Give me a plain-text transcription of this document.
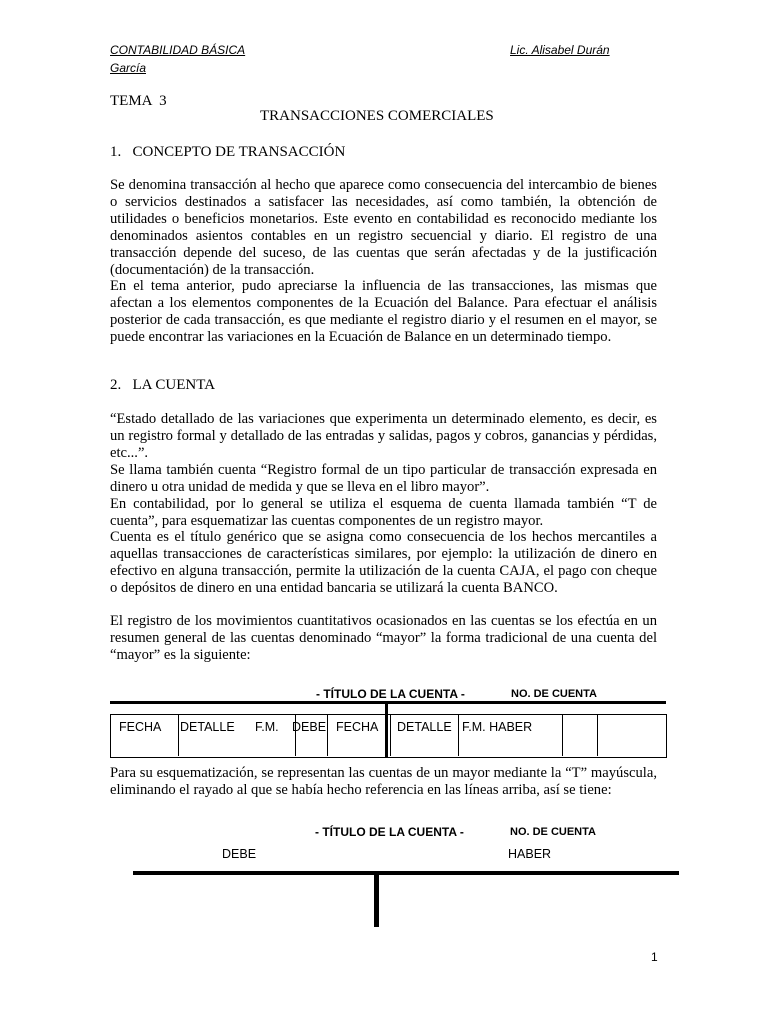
CONTABILIDAD BÁSICA	Lic. Alisabel Durán
García
TEMA  3
TRANSACCIONES COMERCIALES
1.   CONCEPTO DE TRANSACCIÓN

Se denomina transacción al hecho que aparece como consecuencia del intercambio de bienes o servicios destinados a satisfacer las necesidades, así como también, la obtención de utilidades o beneficios monetarios. Este evento en contabilidad es reconocido mediante los denominados asientos contables en un registro secuencial y diario. El registro de una transacción depende del suceso, de las cuentas que serán afectadas y de la justificación (documentación) de la transacción.

En el tema anterior, pudo apreciarse la influencia de las transacciones, las mismas que afectan a los elementos componentes de la Ecuación del Balance. Para efectuar el análisis posterior de cada transacción, es que mediante el registro diario y el resumen en el mayor, se puede encontrar las variaciones en la Ecuación de Balance en un determinado tiempo.

2.   LA CUENTA

“Estado detallado de las variaciones que experimenta un determinado elemento, es decir, es un registro formal y detallado de las entradas y salidas, pagos y cobros, ganancias y pérdidas, etc...”.

Se llama también cuenta “Registro formal de un tipo particular de transacción expresada en dinero u otra unidad de medida y que se lleva en el libro mayor”.

En contabilidad, por lo general se utiliza el esquema de cuenta llamada también “T de cuenta”, para esquematizar las cuentas componentes de un registro mayor.

Cuenta es el título genérico que se asigna como consecuencia de los hechos mercantiles a aquellas transacciones de características similares, por ejemplo: la utilización de dinero en efectivo en alguna transacción, permite la utilización de la cuenta CAJA, el pago con cheque o depósitos de dinero en una entidad bancaria se utilizará la cuenta BANCO.

El registro de los movimientos cuantitativos ocasionados en las cuentas se los efectúa en un resumen general de las cuentas denominado “mayor” la forma tradicional de una cuenta del “mayor” es la siguiente:

- TÍTULO DE LA CUENTA -	NO. DE CUENTA
FECHA DETALLE F.M. DEBE FECHA DETALLE F.M. HABER

Para su esquematización, se representan las cuentas de un mayor mediante la “T” mayúscula, eliminando el rayado al que se había hecho referencia en las líneas arriba, así se tiene:

- TÍTULO DE LA CUENTA -	NO. DE CUENTA
DEBE	HABER
1
